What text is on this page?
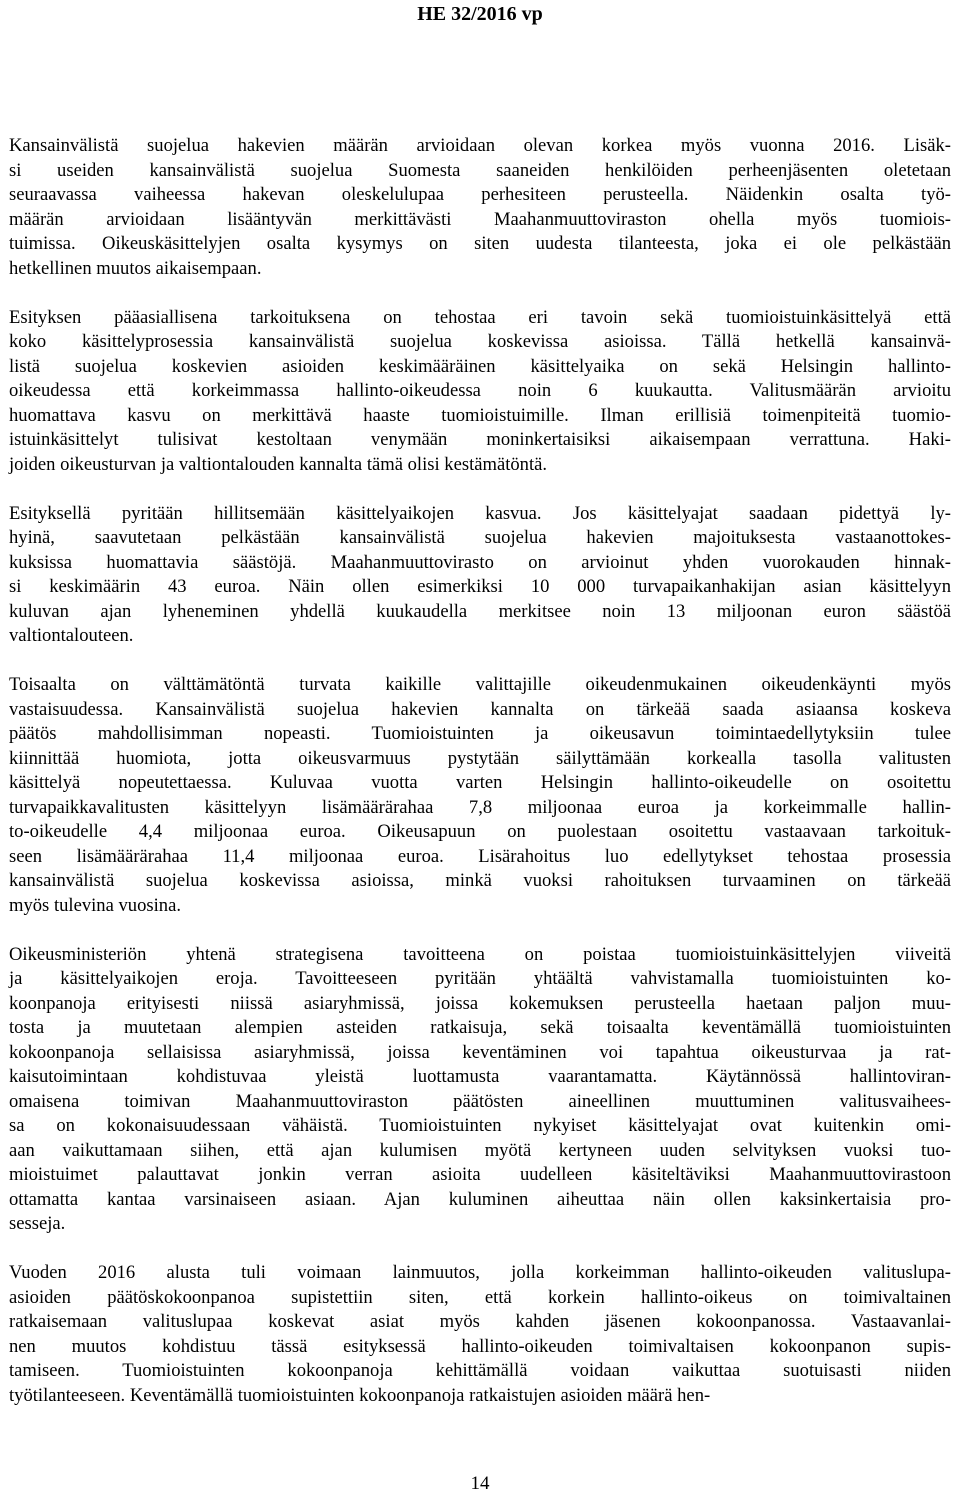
HE 32/2016 vp

Kansainvälistä suojelua hakevien määrän arvioidaan olevan korkea myös vuonna 2016. Lisäk-
si useiden kansainvälistä suojelua Suomesta saaneiden henkilöiden perheenjäsenten oletetaan
seuraavassa vaiheessa hakevan oleskelulupaa perhesiteen perusteella. Näidenkin osalta työ-
määrän arvioidaan lisääntyvän merkittävästi Maahanmuuttoviraston ohella myös tuomiois-
tuimissa. Oikeuskäsittelyjen osalta kysymys on siten uudesta tilanteesta, joka ei ole pelkästään
hetkellinen muutos aikaisempaan.

Esityksen pääasiallisena tarkoituksena on tehostaa eri tavoin sekä tuomioistuinkäsittelyä että
koko käsittelyprosessia kansainvälistä suojelua koskevissa asioissa. Tällä hetkellä kansainvä-
listä suojelua koskevien asioiden keskimääräinen käsittelyaika on sekä Helsingin hallinto-
oikeudessa että korkeimmassa hallinto-oikeudessa noin 6 kuukautta. Valitusmäärän arvioitu
huomattava kasvu on merkittävä haaste tuomioistuimille. Ilman erillisiä toimenpiteitä tuomio-
istuinkäsittelyt tulisivat kestoltaan venymään moninkertaisiksi aikaisempaan verrattuna. Haki-
joiden oikeusturvan ja valtiontalouden kannalta tämä olisi kestämätöntä.

Esityksellä pyritään hillitsemään käsittelyaikojen kasvua. Jos käsittelyajat saadaan pidettyä ly-
hyinä, saavutetaan pelkästään kansainvälistä suojelua hakevien majoituksesta vastaanottokes-
kuksissa huomattavia säästöjä. Maahanmuuttovirasto on arvioinut yhden vuorokauden hinnak-
si keskimäärin 43 euroa. Näin ollen esimerkiksi 10 000 turvapaikanhakijan asian käsittelyyn
kuluvan ajan lyheneminen yhdellä kuukaudella merkitsee noin 13 miljoonan euron säästöä
valtiontalouteen.

Toisaalta on välttämätöntä turvata kaikille valittajille oikeudenmukainen oikeudenkäynti myös
vastaisuudessa. Kansainvälistä suojelua hakevien kannalta on tärkeää saada asiaansa koskeva
päätös mahdollisimman nopeasti. Tuomioistuinten ja oikeusavun toimintaedellytyksiin tulee
kiinnittää huomiota, jotta oikeusvarmuus pystytään säilyttämään korkealla tasolla valitusten
käsittelyä nopeutettaessa. Kuluvaa vuotta varten Helsingin hallinto-oikeudelle on osoitettu
turvapaikkavalitusten käsittelyyn lisämäärärahaa 7,8 miljoonaa euroa ja korkeimmalle hallin-
to-oikeudelle 4,4 miljoonaa euroa. Oikeusapuun on puolestaan osoitettu vastaavaan tarkoituk-
seen lisämäärärahaa 11,4 miljoonaa euroa. Lisärahoitus luo edellytykset tehostaa prosessia
kansainvälistä suojelua koskevissa asioissa, minkä vuoksi rahoituksen turvaaminen on tärkeää
myös tulevina vuosina.

Oikeusministeriön yhtenä strategisena tavoitteena on poistaa tuomioistuinkäsittelyjen viiveitä
ja käsittelyaikojen eroja. Tavoitteeseen pyritään yhtäältä vahvistamalla tuomioistuinten ko-
koonpanoja erityisesti niissä asiaryhmissä, joissa kokemuksen perusteella haetaan paljon muu-
tosta ja muutetaan alempien asteiden ratkaisuja, sekä toisaalta keventämällä tuomioistuinten
kokoonpanoja sellaisissa asiaryhmissä, joissa keventäminen voi tapahtua oikeusturvaa ja rat-
kaisutoimintaan kohdistuvaa yleistä luottamusta vaarantamatta. Käytännössä hallintoviran-
omaisena toimivan Maahanmuuttoviraston päätösten aineellinen muuttuminen valitusvaihees-
sa on kokonaisuudessaan vähäistä. Tuomioistuinten nykyiset käsittelyajat ovat kuitenkin omi-
aan vaikuttamaan siihen, että ajan kulumisen myötä kertyneen uuden selvityksen vuoksi tuo-
mioistuimet palauttavat jonkin verran asioita uudelleen käsiteltäviksi Maahanmuuttovirastoon
ottamatta kantaa varsinaiseen asiaan. Ajan kuluminen aiheuttaa näin ollen kaksinkertaisia pro-
sesseja.

Vuoden 2016 alusta tuli voimaan lainmuutos, jolla korkeimman hallinto-oikeuden valituslupa-
asioiden päätöskokoonpanoa supistettiin siten, että korkein hallinto-oikeus on toimivaltainen
ratkaisemaan valituslupaa koskevat asiat myös kahden jäsenen kokoonpanossa. Vastaavanlai-
nen muutos kohdistuu tässä esityksessä hallinto-oikeuden toimivaltaisen kokoonpanon supis-
tamiseen. Tuomioistuinten kokoonpanoja kehittämällä voidaan vaikuttaa suotuisasti niiden
työtilanteeseen. Keventämällä tuomioistuinten kokoonpanoja ratkaistujen asioiden määrä hen-

14
